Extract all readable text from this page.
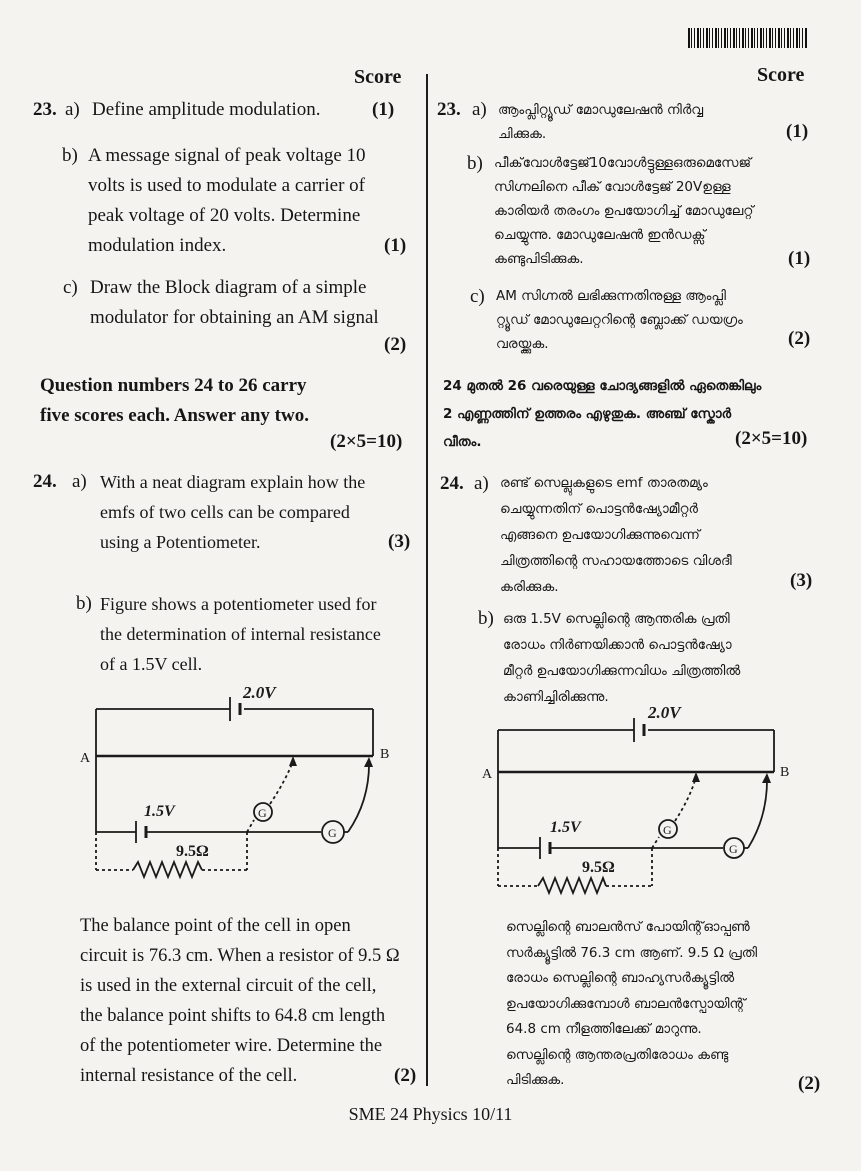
Score	Score
23. a) Define amplitude modulation.	(1)
b) A message signal of peak voltage 10
volts is used to modulate a carrier of
peak voltage of 20 volts. Determine
modulation index.	(1)
c) Draw the Block diagram of a simple
modulator for obtaining an AM signal
(2)
Question numbers 24 to 26 carry
five scores each. Answer any two.
(2×5=10)
24. a) With a neat diagram explain how the
emfs of two cells can be compared
using a Potentiometer.	(3)
b) Figure shows a potentiometer used for
the determination of internal resistance
of a 1.5V cell.
The balance point of the cell in open
circuit is 76.3 cm. When a resistor of 9.5 Ω
is used in the external circuit of the cell,
the balance point shifts to 64.8 cm length
of the potentiometer wire. Determine the
internal resistance of the cell.	(2)
2.0V
A	B
1.5V
9.5Ω
G
G
23. a) ആംപ്ലിറ്റ്യൂഡ് മോഡുലേഷൻ നിർവ്വ
ചിക്കുക.	(1)
b) പീക്‌വോൾട്ടേജ്10വോൾട്ടുള്ളഒരുമെസേജ്
സിഗ്നലിനെ പീക് വോൾട്ടേജ് 20Vഉള്ള
കാരിയർ തരംഗം ഉപയോഗിച്ച് മോഡുലേറ്റ്
ചെയ്യുന്നു. മോഡുലേഷൻ ഇൻഡക്സ്
കണ്ടുപിടിക്കുക.	(1)
c) AM സിഗ്നൽ ലഭിക്കുന്നതിനുള്ള ആംപ്ലി
റ്റ്യൂഡ് മോഡുലേറ്ററിന്റെ ബ്ലോക്ക് ഡയഗ്രം
വരയ്ക്കുക.	(2)
24 മുതൽ 26 വരെയുള്ള ചോദ്യങ്ങളിൽ ഏതെങ്കിലും
2 എണ്ണത്തിന് ഉത്തരം എഴുതുക. അഞ്ച് സ്കോർ
വീതം.	(2×5=10)
24. a) രണ്ട് സെല്ലുകളുടെ emf താരതമ്യം
ചെയ്യുന്നതിന് പൊട്ടൻഷ്യോമീറ്റർ
എങ്ങനെ ഉപയോഗിക്കുന്നുവെന്ന്
ചിത്രത്തിന്റെ സഹായത്തോടെ വിശദീ
കരിക്കുക.	(3)
b) ഒരു 1.5V സെല്ലിന്റെ ആന്തരിക പ്രതി
രോധം നിർണയിക്കാൻ പൊട്ടൻഷ്യോ
മീറ്റർ ഉപയോഗിക്കുന്നവിധം ചിത്രത്തിൽ
കാണിച്ചിരിക്കുന്നു.
സെല്ലിന്റെ ബാലൻസ് പോയിന്റ്ഓപ്പൺ
സർക്യൂട്ടിൽ 76.3 cm ആണ്. 9.5 Ω പ്രതി
രോധം സെല്ലിന്റെ ബാഹ്യസർക്യൂട്ടിൽ
ഉപയോഗിക്കുമ്പോൾ ബാലൻസ്പോയിന്റ്
64.8 cm നീളത്തിലേക്ക് മാറുന്നു.
സെല്ലിന്റെ ആന്തരപ്രതിരോധം കണ്ടു
പിടിക്കുക.	(2)
2.0V
A	B
1.5V
9.5Ω
G
G
SME 24 Physics 10/11
